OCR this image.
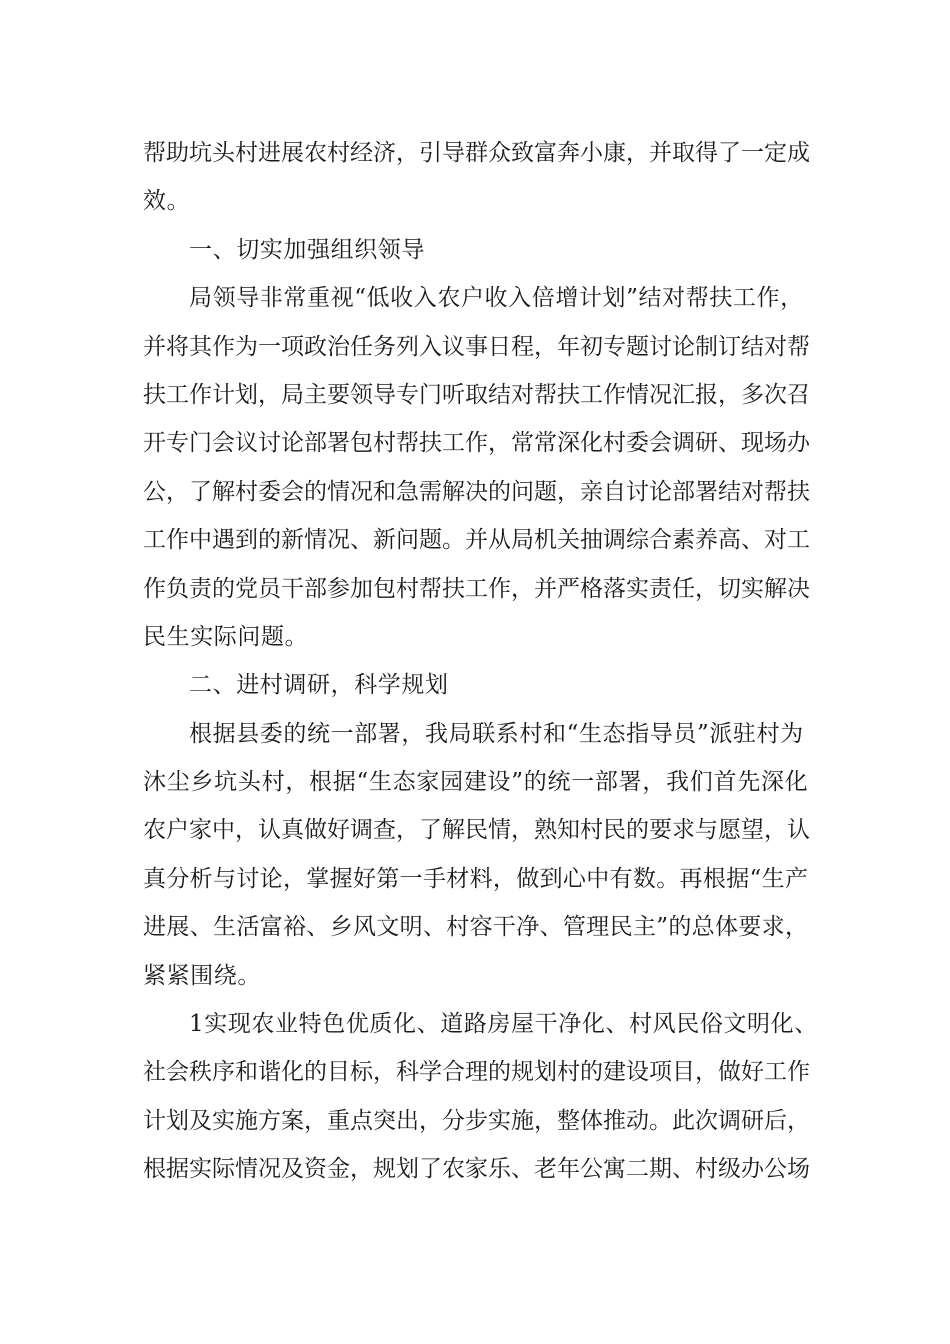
帮 助 坑 头 村 进 展 农 村 经 济 ， 引 导 群 众 致 富 奔 小 康 ， 并 取 得 了 一 定 成
效。
一、切实加强组织领导
局领导非常重视“低收入农户收入倍增计划”结对帮扶工作，
并 将 其 作 为 一 项 政 治 任 务 列 入 议 事 日 程 ， 年 初 专 题 讨 论 制 订 结 对 帮
扶 工 作 计 划 ， 局 主 要 领 导 专 门 听 取 结 对 帮 扶 工 作 情 况 汇 报 ， 多 次 召
开 专 门 会 议 讨 论 部 署 包 村 帮 扶 工 作 ， 常 常 深 化 村 委 会 调 研 、 现 场 办
公 ， 了 解 村 委 会 的 情 况 和 急 需 解 决 的 问 题 ， 亲 自 讨 论 部 署 结 对 帮 扶
工 作 中 遇 到 的 新 情 况 、 新 问 题 。 并 从 局 机 关 抽 调 综 合 素 养 高 、 对 工
作 负 责 的 党 员 干 部 参 加 包 村 帮 扶 工 作 ， 并 严 格 落 实 责 任 ， 切 实 解 决
民生实际问题。
二、进村调研，科学规划
根据县委的统一部署，我局联系村和“生态指导员”派驻村为
沐 尘 乡 坑 头 村 ， 根 据 “ 生 态 家 园 建 设 ” 的 统 一 部 署 ， 我 们 首 先 深 化
农 户 家 中 ， 认 真 做 好 调 查 ， 了 解 民 情 ， 熟 知 村 民 的 要 求 与 愿 望 ， 认
真 分 析 与 讨 论 ， 掌 握 好 第 一 手 材 料 ， 做 到 心 中 有 数 。 再 根 据 “ 生 产
进 展 、 生 活 富 裕 、 乡 风 文 明 、 村 容 干 净 、 管 理 民 主 ” 的 总 体 要 求 ，
紧紧围绕。
1实现农业特色优质化、道路房屋干净化、村风民俗文明化、
社 会 秩 序 和 谐 化 的 目 标 ， 科 学 合 理 的 规 划 村 的 建 设 项 目 ， 做 好 工 作
计 划 及 实 施 方 案 ， 重 点 突 出 ， 分 步 实 施 ， 整 体 推 动 。 此 次 调 研 后 ，
根 据 实 际 情 况 及 资 金 ， 规 划 了 农 家 乐 、 老 年 公 寓 二 期 、 村 级 办 公 场
